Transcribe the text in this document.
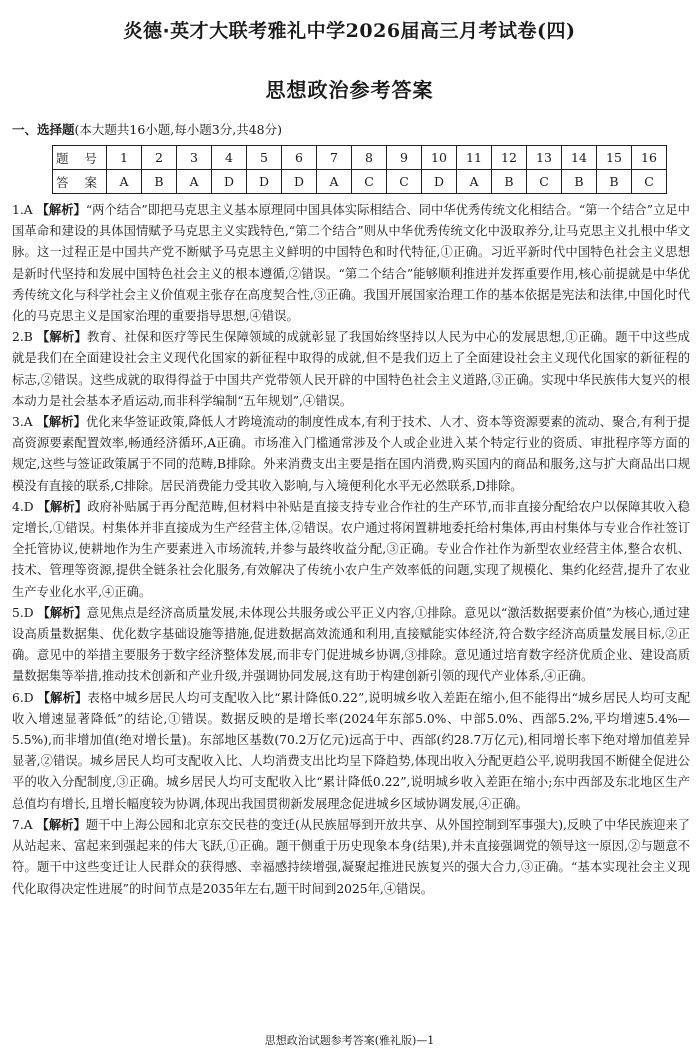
炎德·英才大联考雅礼中学2026届高三月考试卷(四)
思想政治参考答案
一、选择题(本大题共16小题,每小题3分,共48分)
题 号	1	2	3	4	5	6	7	8	9	10	11	12	13	14	15	16
答 案	A	B	A	D	D	D	A	C	C	D	A	B	C	B	B	C

1.A 【解析】“两个结合”即把马克思主义基本原理同中国具体实际相结合、同中华优秀传统文化相结合。“第一个结合”立足中国革命和建设的具体国情赋予马克思主义实践特色,“第二个结合”则从中华优秀传统文化中汲取养分,让马克思主义扎根中华文脉。这一过程正是中国共产党不断赋予马克思主义鲜明的中国特色和时代特征,①正确。习近平新时代中国特色社会主义思想是新时代坚持和发展中国特色社会主义的根本遵循,②错误。“第二个结合”能够顺利推进并发挥重要作用,核心前提就是中华优秀传统文化与科学社会主义价值观主张存在高度契合性,③正确。我国开展国家治理工作的基本依据是宪法和法律,中国化时代化的马克思主义是国家治理的重要指导思想,④错误。

2.B 【解析】教育、社保和医疗等民生保障领域的成就彰显了我国始终坚持以人民为中心的发展思想,①正确。题干中这些成就是我们在全面建设社会主义现代化国家的新征程中取得的成就,但不是我们迈上了全面建设社会主义现代化国家的新征程的标志,②错误。这些成就的取得得益于中国共产党带领人民开辟的中国特色社会主义道路,③正确。实现中华民族伟大复兴的根本动力是社会基本矛盾运动,而非科学编制“五年规划”,④错误。

3.A 【解析】优化来华签证政策,降低人才跨境流动的制度性成本,有利于技术、人才、资本等资源要素的流动、聚合,有利于提高资源要素配置效率,畅通经济循环,A正确。市场准入门槛通常涉及个人或企业进入某个特定行业的资质、审批程序等方面的规定,这些与签证政策属于不同的范畴,B排除。外来消费支出主要是指在国内消费,购买国内的商品和服务,这与扩大商品出口规模没有直接的联系,C排除。居民消费能力受其收入影响,与入境便利化水平无必然联系,D排除。

4.D 【解析】政府补贴属于再分配范畴,但材料中补贴是直接支持专业合作社的生产环节,而非直接分配给农户以保障其收入稳定增长,①错误。村集体并非直接成为生产经营主体,②错误。农户通过将闲置耕地委托给村集体,再由村集体与专业合作社签订全托管协议,使耕地作为生产要素进入市场流转,并参与最终收益分配,③正确。专业合作社作为新型农业经营主体,整合农机、技术、管理等资源,提供全链条社会化服务,有效解决了传统小农户生产效率低的问题,实现了规模化、集约化经营,提升了农业生产专业化水平,④正确。

5.D 【解析】意见焦点是经济高质量发展,未体现公共服务或公平正义内容,①排除。意见以“激活数据要素价值”为核心,通过建设高质量数据集、优化数字基础设施等措施,促进数据高效流通和利用,直接赋能实体经济,符合数字经济高质量发展目标,②正确。意见中的举措主要服务于数字经济整体发展,而非专门促进城乡协调,③排除。意见通过培育数字经济优质企业、建设高质量数据集等举措,推动技术创新和产业升级,并强调协同发展,这有助于构建创新引领的现代产业体系,④正确。

6.D 【解析】表格中城乡居民人均可支配收入比“累计降低0.22”,说明城乡收入差距在缩小,但不能得出“城乡居民人均可支配收入增速显著降低”的结论,①错误。数据反映的是增长率(2024年东部5.0%、中部5.0%、西部5.2%,平均增速5.4%—5.5%),而非增加值(绝对增长量)。东部地区基数(70.2万亿元)远高于中、西部(约28.7万亿元),相同增长率下绝对增加值差异显著,②错误。城乡居民人均可支配收入比、人均消费支出比均呈下降趋势,体现出收入分配更趋公平,说明我国不断健全促进公平的收入分配制度,③正确。城乡居民人均可支配收入比“累计降低0.22”,说明城乡收入差距在缩小;东中西部及东北地区生产总值均有增长,且增长幅度较为协调,体现出我国贯彻新发展理念促进城乡区域协调发展,④正确。

7.A 【解析】题干中上海公园和北京东交民巷的变迁(从民族屈辱到开放共享、从外国控制到军事强大),反映了中华民族迎来了从站起来、富起来到强起来的伟大飞跃,①正确。题干侧重于历史现象本身(结果),并未直接强调党的领导这一原因,②与题意不符。题干中这些变迁让人民群众的获得感、幸福感持续增强,凝聚起推进民族复兴的强大合力,③正确。“基本实现社会主义现代化取得决定性进展”的时间节点是2035年左右,题干时间到2025年,④错误。

思想政治试题参考答案(雅礼版)—1
